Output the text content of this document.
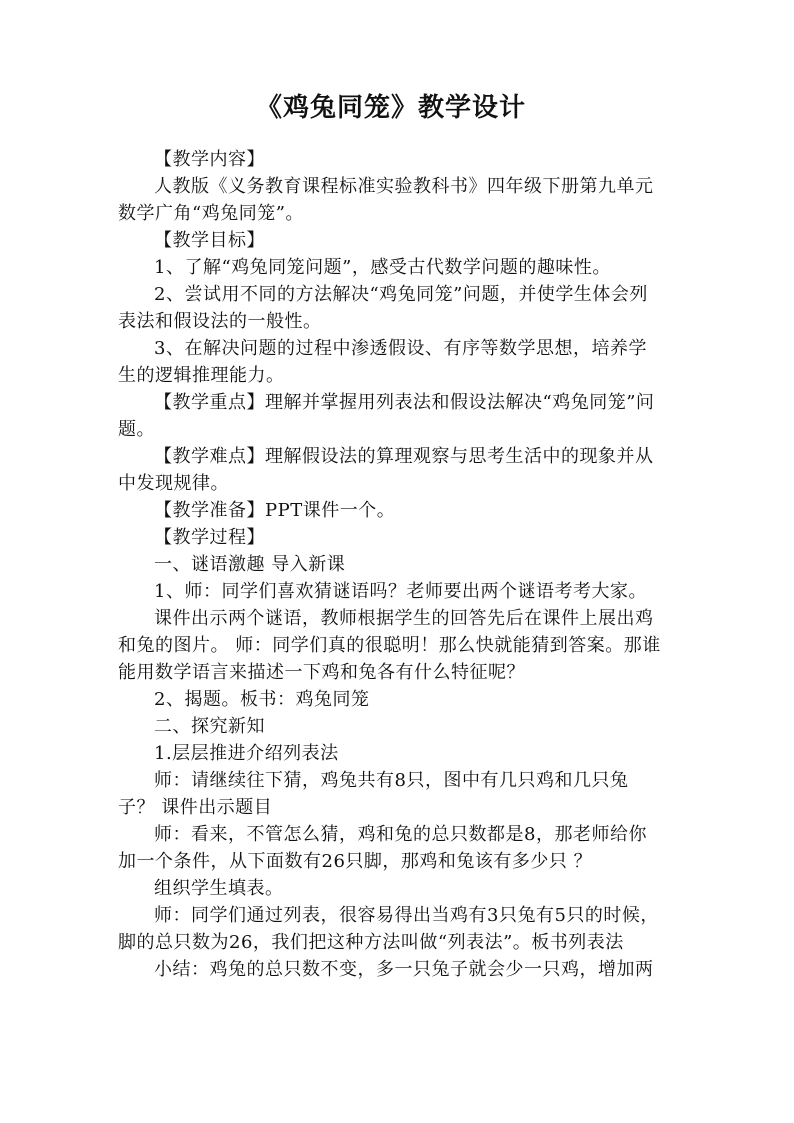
《鸡兔同笼》教学设计

【教学内容】

人教版《义务教育课程标准实验教科书》四年级下册第九单元数学广角“鸡兔同笼”。

【教学目标】

1、了解“鸡兔同笼问题”，感受古代数学问题的趣味性。

2、尝试用不同的方法解决“鸡兔同笼”问题，并使学生体会列表法和假设法的一般性。

3、在解决问题的过程中渗透假设、有序等数学思想，培养学生的逻辑推理能力。

【教学重点】理解并掌握用列表法和假设法解决“鸡兔同笼”问题。

【教学难点】理解假设法的算理观察与思考生活中的现象并从中发现规律。

【教学准备】PPT课件一个。

【教学过程】

一、谜语激趣 导入新课

1、师：同学们喜欢猜谜语吗？老师要出两个谜语考考大家。

课件出示两个谜语，教师根据学生的回答先后在课件上展出鸡和兔的图片。 师：同学们真的很聪明！那么快就能猜到答案。那谁能用数学语言来描述一下鸡和兔各有什么特征呢？

2、揭题。板书：鸡兔同笼

二、探究新知

1.层层推进介绍列表法

师：请继续往下猜，鸡兔共有8只，图中有几只鸡和几只兔子？ 课件出示题目

师：看来，不管怎么猜，鸡和兔的总只数都是8，那老师给你加一个条件，从下面数有26只脚，那鸡和兔该有多少只 ？

组织学生填表。

师：同学们通过列表，很容易得出当鸡有3只兔有5只的时候，脚的总只数为26，我们把这种方法叫做“列表法”。板书列表法

小结：鸡兔的总只数不变，多一只兔子就会少一只鸡，增加两
